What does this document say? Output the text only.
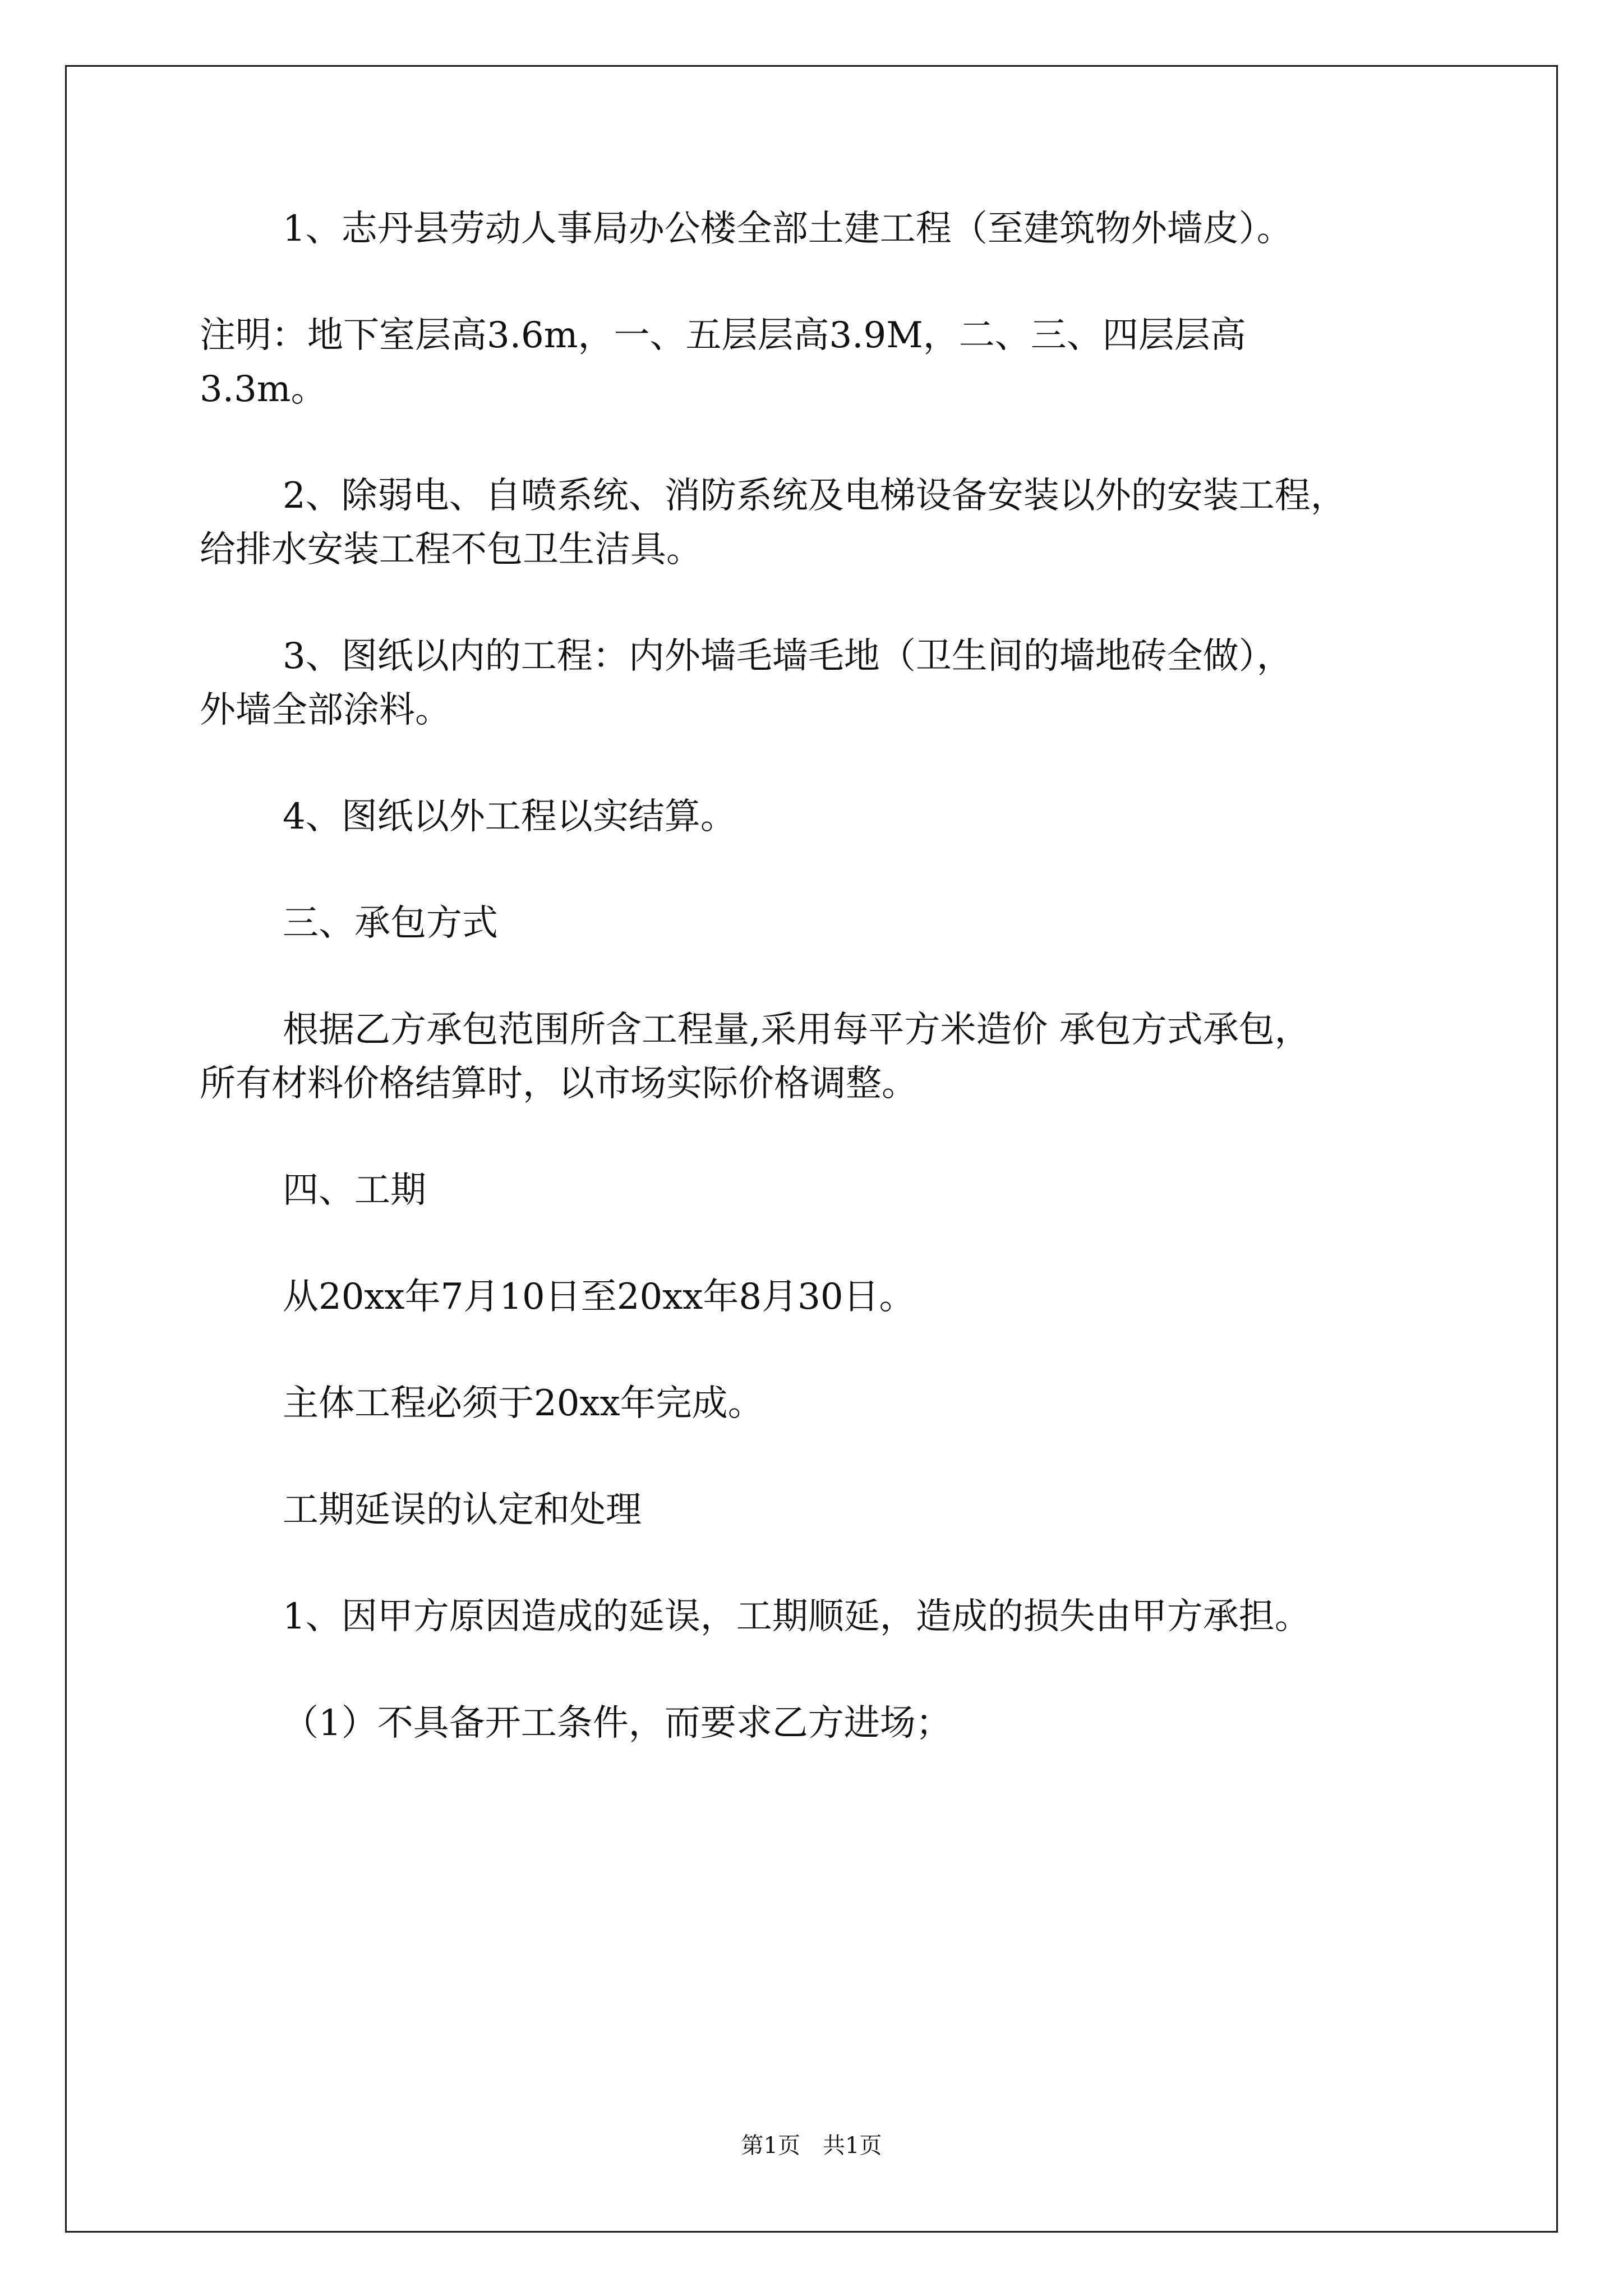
1、志丹县劳动人事局办公楼全部土建工程（至建筑物外墙皮）。

注明：地下室层高3.6m，一、五层层高3.9M，二、三、四层层高
3.3m。

2、除弱电、自喷系统、消防系统及电梯设备安装以外的安装工程，
给排水安装工程不包卫生洁具。

3、图纸以内的工程：内外墙毛墙毛地（卫生间的墙地砖全做），
外墙全部涂料。

4、图纸以外工程以实结算。

三、承包方式

根据乙方承包范围所含工程量,采用每平方米造价 承包方式承包，
所有材料价格结算时，以市场实际价格调整。

四、工期

从20xx年7月10日至20xx年8月30日。

主体工程必须于20xx年完成。

工期延误的认定和处理

1、因甲方原因造成的延误，工期顺延，造成的损失由甲方承担。

（1）不具备开工条件，而要求乙方进场；

第1页　共1页
